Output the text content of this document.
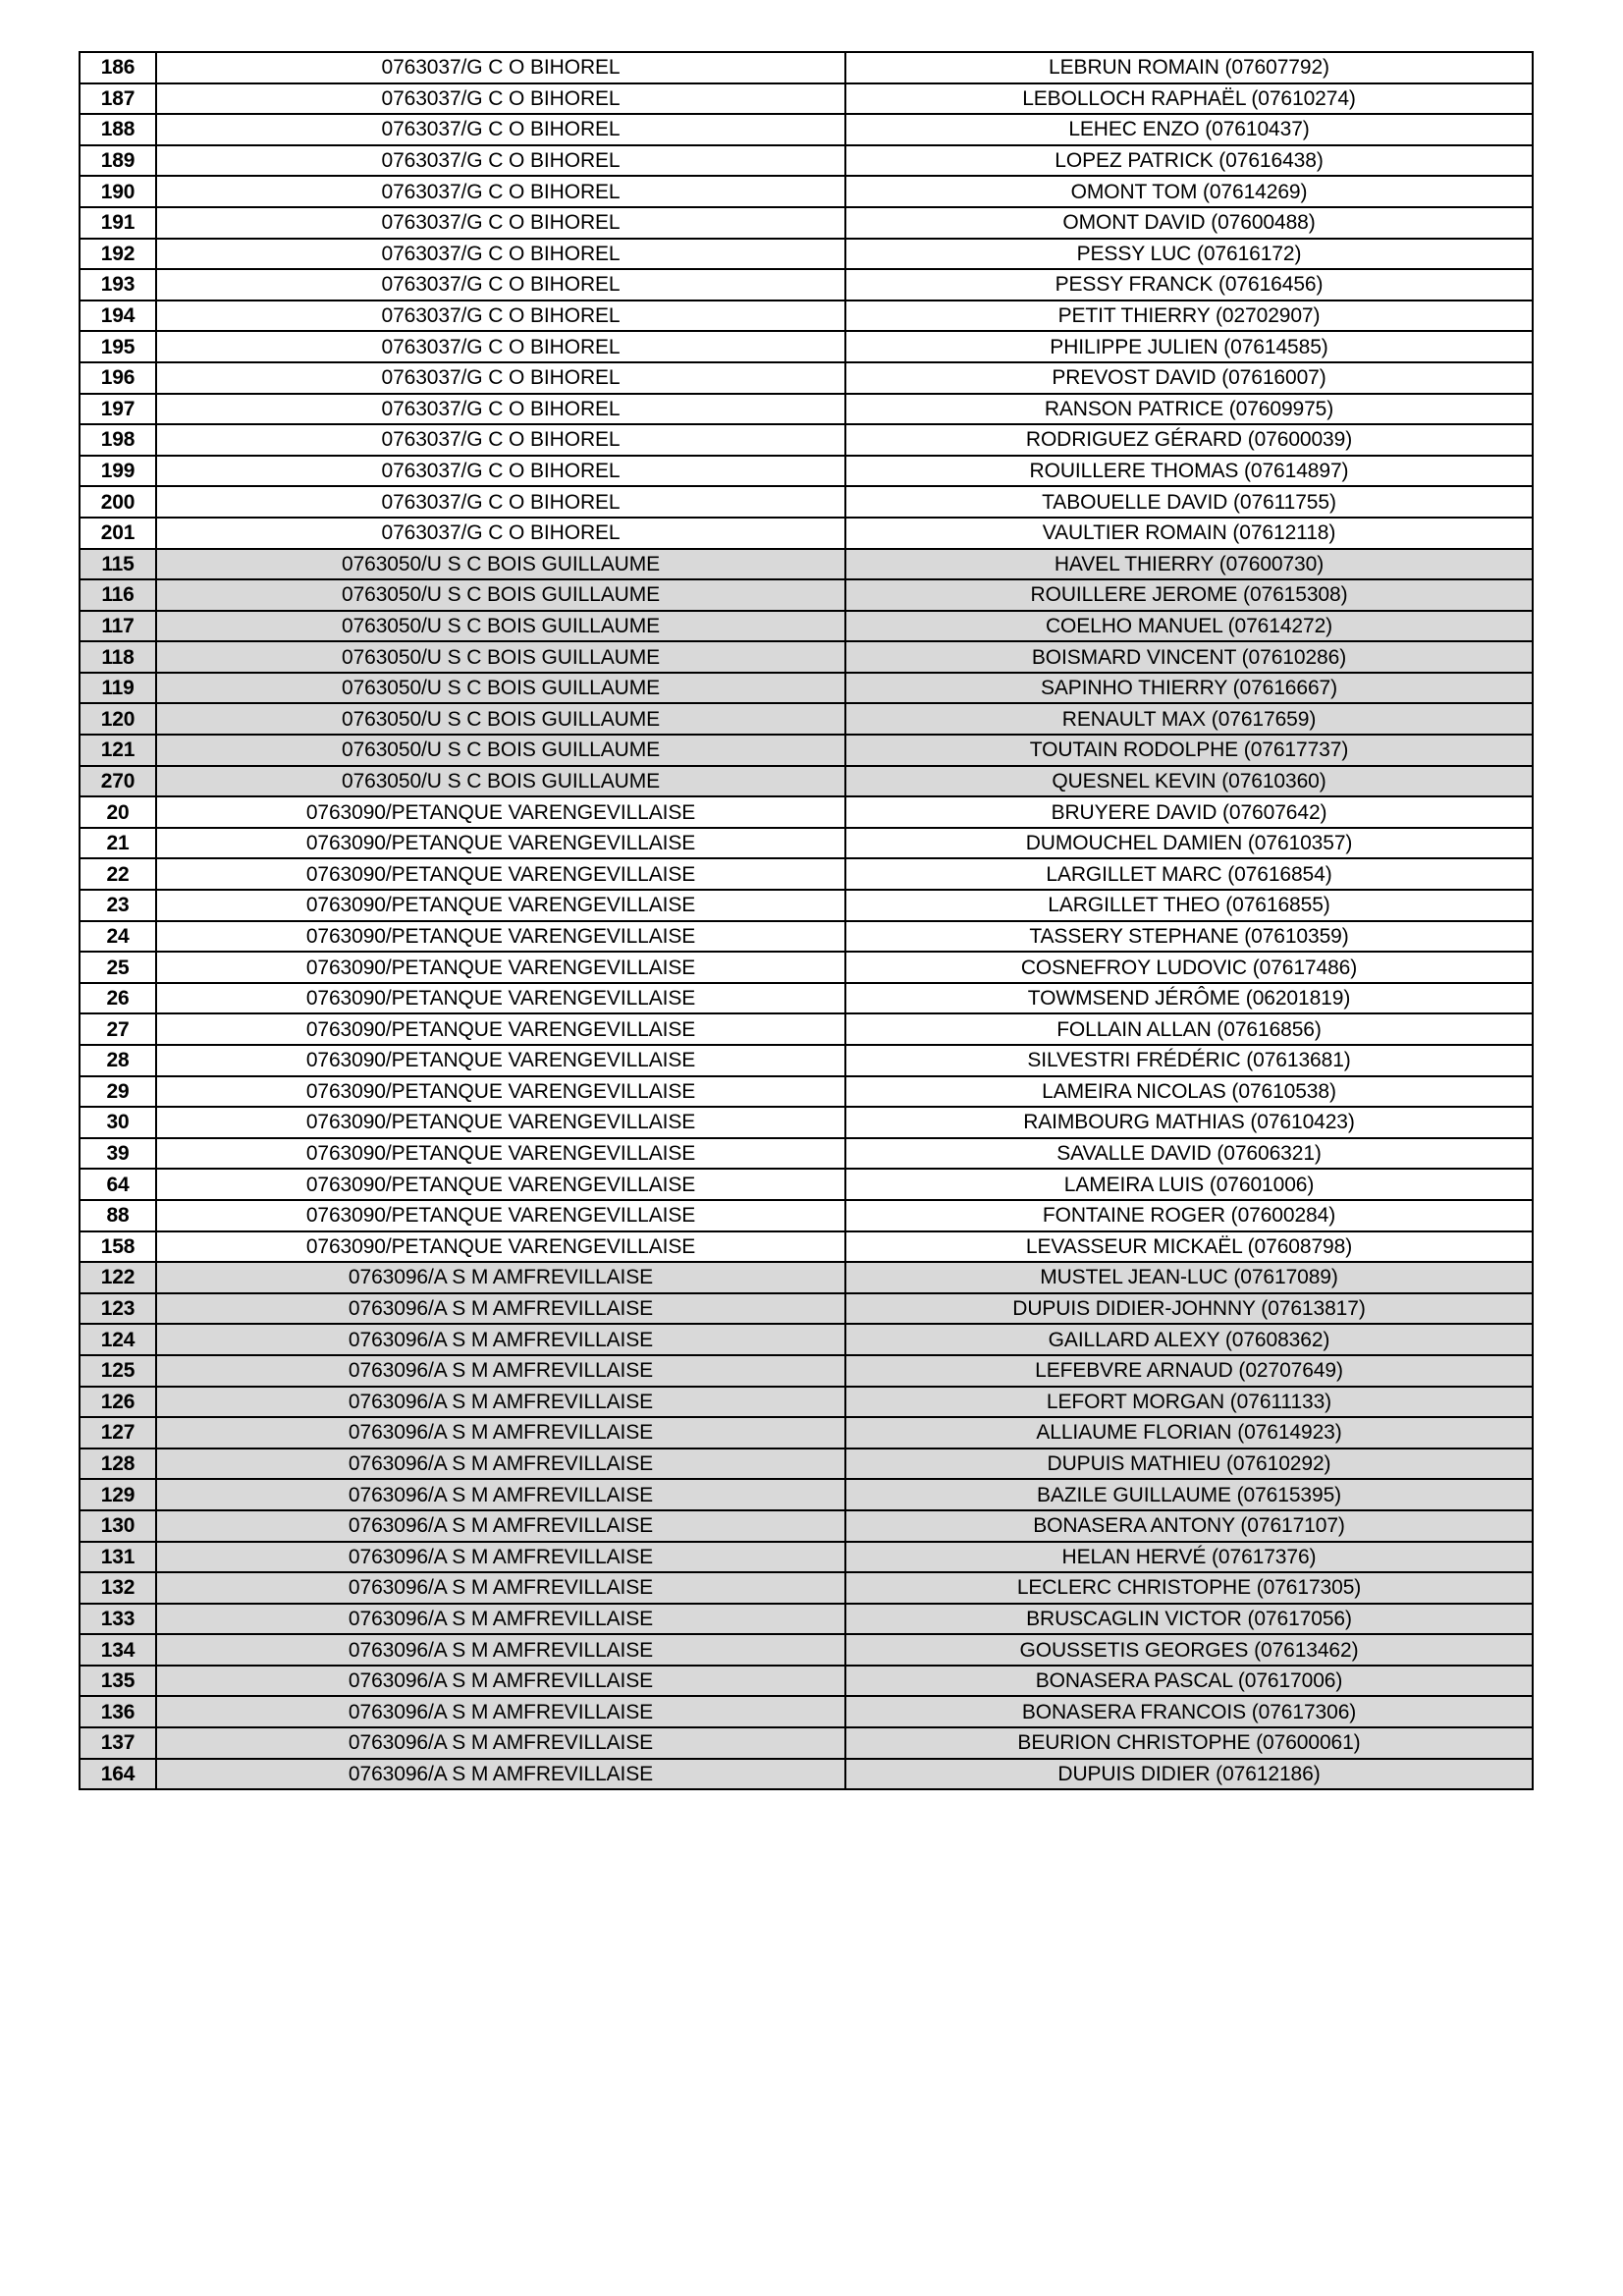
186	0763037/G C O BIHOREL	LEBRUN ROMAIN (07607792)
187	0763037/G C O BIHOREL	LEBOLLOCH RAPHAËL (07610274)
188	0763037/G C O BIHOREL	LEHEC ENZO (07610437)
189	0763037/G C O BIHOREL	LOPEZ PATRICK (07616438)
190	0763037/G C O BIHOREL	OMONT TOM (07614269)
191	0763037/G C O BIHOREL	OMONT DAVID (07600488)
192	0763037/G C O BIHOREL	PESSY LUC (07616172)
193	0763037/G C O BIHOREL	PESSY FRANCK (07616456)
194	0763037/G C O BIHOREL	PETIT THIERRY (02702907)
195	0763037/G C O BIHOREL	PHILIPPE JULIEN (07614585)
196	0763037/G C O BIHOREL	PREVOST DAVID (07616007)
197	0763037/G C O BIHOREL	RANSON PATRICE (07609975)
198	0763037/G C O BIHOREL	RODRIGUEZ GÉRARD (07600039)
199	0763037/G C O BIHOREL	ROUILLERE THOMAS (07614897)
200	0763037/G C O BIHOREL	TABOUELLE DAVID (07611755)
201	0763037/G C O BIHOREL	VAULTIER ROMAIN (07612118)
115	0763050/U S C BOIS GUILLAUME	HAVEL THIERRY (07600730)
116	0763050/U S C BOIS GUILLAUME	ROUILLERE JEROME (07615308)
117	0763050/U S C BOIS GUILLAUME	COELHO MANUEL (07614272)
118	0763050/U S C BOIS GUILLAUME	BOISMARD VINCENT (07610286)
119	0763050/U S C BOIS GUILLAUME	SAPINHO THIERRY (07616667)
120	0763050/U S C BOIS GUILLAUME	RENAULT MAX (07617659)
121	0763050/U S C BOIS GUILLAUME	TOUTAIN RODOLPHE (07617737)
270	0763050/U S C BOIS GUILLAUME	QUESNEL KEVIN (07610360)
20	0763090/PETANQUE VARENGEVILLAISE	BRUYERE DAVID (07607642)
21	0763090/PETANQUE VARENGEVILLAISE	DUMOUCHEL DAMIEN (07610357)
22	0763090/PETANQUE VARENGEVILLAISE	LARGILLET MARC (07616854)
23	0763090/PETANQUE VARENGEVILLAISE	LARGILLET THEO (07616855)
24	0763090/PETANQUE VARENGEVILLAISE	TASSERY STEPHANE (07610359)
25	0763090/PETANQUE VARENGEVILLAISE	COSNEFROY LUDOVIC (07617486)
26	0763090/PETANQUE VARENGEVILLAISE	TOWMSEND JÉRÔME (06201819)
27	0763090/PETANQUE VARENGEVILLAISE	FOLLAIN ALLAN (07616856)
28	0763090/PETANQUE VARENGEVILLAISE	SILVESTRI FRÉDÉRIC (07613681)
29	0763090/PETANQUE VARENGEVILLAISE	LAMEIRA NICOLAS (07610538)
30	0763090/PETANQUE VARENGEVILLAISE	RAIMBOURG MATHIAS (07610423)
39	0763090/PETANQUE VARENGEVILLAISE	SAVALLE DAVID (07606321)
64	0763090/PETANQUE VARENGEVILLAISE	LAMEIRA LUIS (07601006)
88	0763090/PETANQUE VARENGEVILLAISE	FONTAINE ROGER (07600284)
158	0763090/PETANQUE VARENGEVILLAISE	LEVASSEUR MICKAËL (07608798)
122	0763096/A S M AMFREVILLAISE	MUSTEL JEAN-LUC (07617089)
123	0763096/A S M AMFREVILLAISE	DUPUIS DIDIER-JOHNNY (07613817)
124	0763096/A S M AMFREVILLAISE	GAILLARD ALEXY (07608362)
125	0763096/A S M AMFREVILLAISE	LEFEBVRE ARNAUD (02707649)
126	0763096/A S M AMFREVILLAISE	LEFORT MORGAN (07611133)
127	0763096/A S M AMFREVILLAISE	ALLIAUME FLORIAN (07614923)
128	0763096/A S M AMFREVILLAISE	DUPUIS MATHIEU (07610292)
129	0763096/A S M AMFREVILLAISE	BAZILE GUILLAUME (07615395)
130	0763096/A S M AMFREVILLAISE	BONASERA ANTONY (07617107)
131	0763096/A S M AMFREVILLAISE	HELAN HERVÉ (07617376)
132	0763096/A S M AMFREVILLAISE	LECLERC CHRISTOPHE (07617305)
133	0763096/A S M AMFREVILLAISE	BRUSCAGLIN VICTOR (07617056)
134	0763096/A S M AMFREVILLAISE	GOUSSETIS GEORGES (07613462)
135	0763096/A S M AMFREVILLAISE	BONASERA PASCAL (07617006)
136	0763096/A S M AMFREVILLAISE	BONASERA FRANCOIS (07617306)
137	0763096/A S M AMFREVILLAISE	BEURION CHRISTOPHE (07600061)
164	0763096/A S M AMFREVILLAISE	DUPUIS DIDIER (07612186)
